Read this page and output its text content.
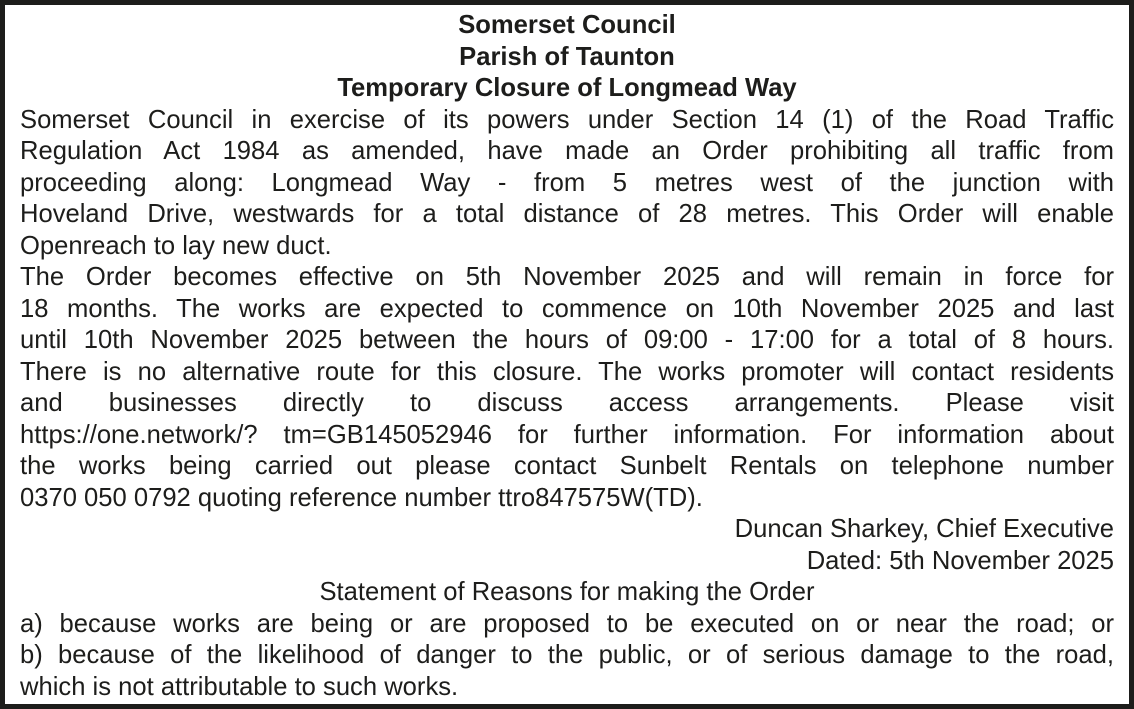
Somerset Council
Parish of Taunton
Temporary Closure of Longmead Way
Somerset Council in exercise of its powers under Section 14 (1) of the Road Traffic
Regulation Act 1984 as amended, have made an Order prohibiting all traffic from
proceeding along: Longmead Way - from 5 metres west of the junction with
Hoveland Drive, westwards for a total distance of 28 metres. This Order will enable
Openreach to lay new duct.
The Order becomes effective on 5th November 2025 and will remain in force for
18 months. The works are expected to commence on 10th November 2025 and last
until 10th November 2025 between the hours of 09:00 - 17:00 for a total of 8 hours.
There is no alternative route for this closure. The works promoter will contact residents
and businesses directly to discuss access arrangements. Please visit
https://one.network/? tm=GB145052946 for further information. For information about
the works being carried out please contact Sunbelt Rentals on telephone number
0370 050 0792 quoting reference number ttro847575W(TD).
Duncan Sharkey, Chief Executive
Dated: 5th November 2025
Statement of Reasons for making the Order
a) because works are being or are proposed to be executed on or near the road; or
b) because of the likelihood of danger to the public, or of serious damage to the road,
which is not attributable to such works.
